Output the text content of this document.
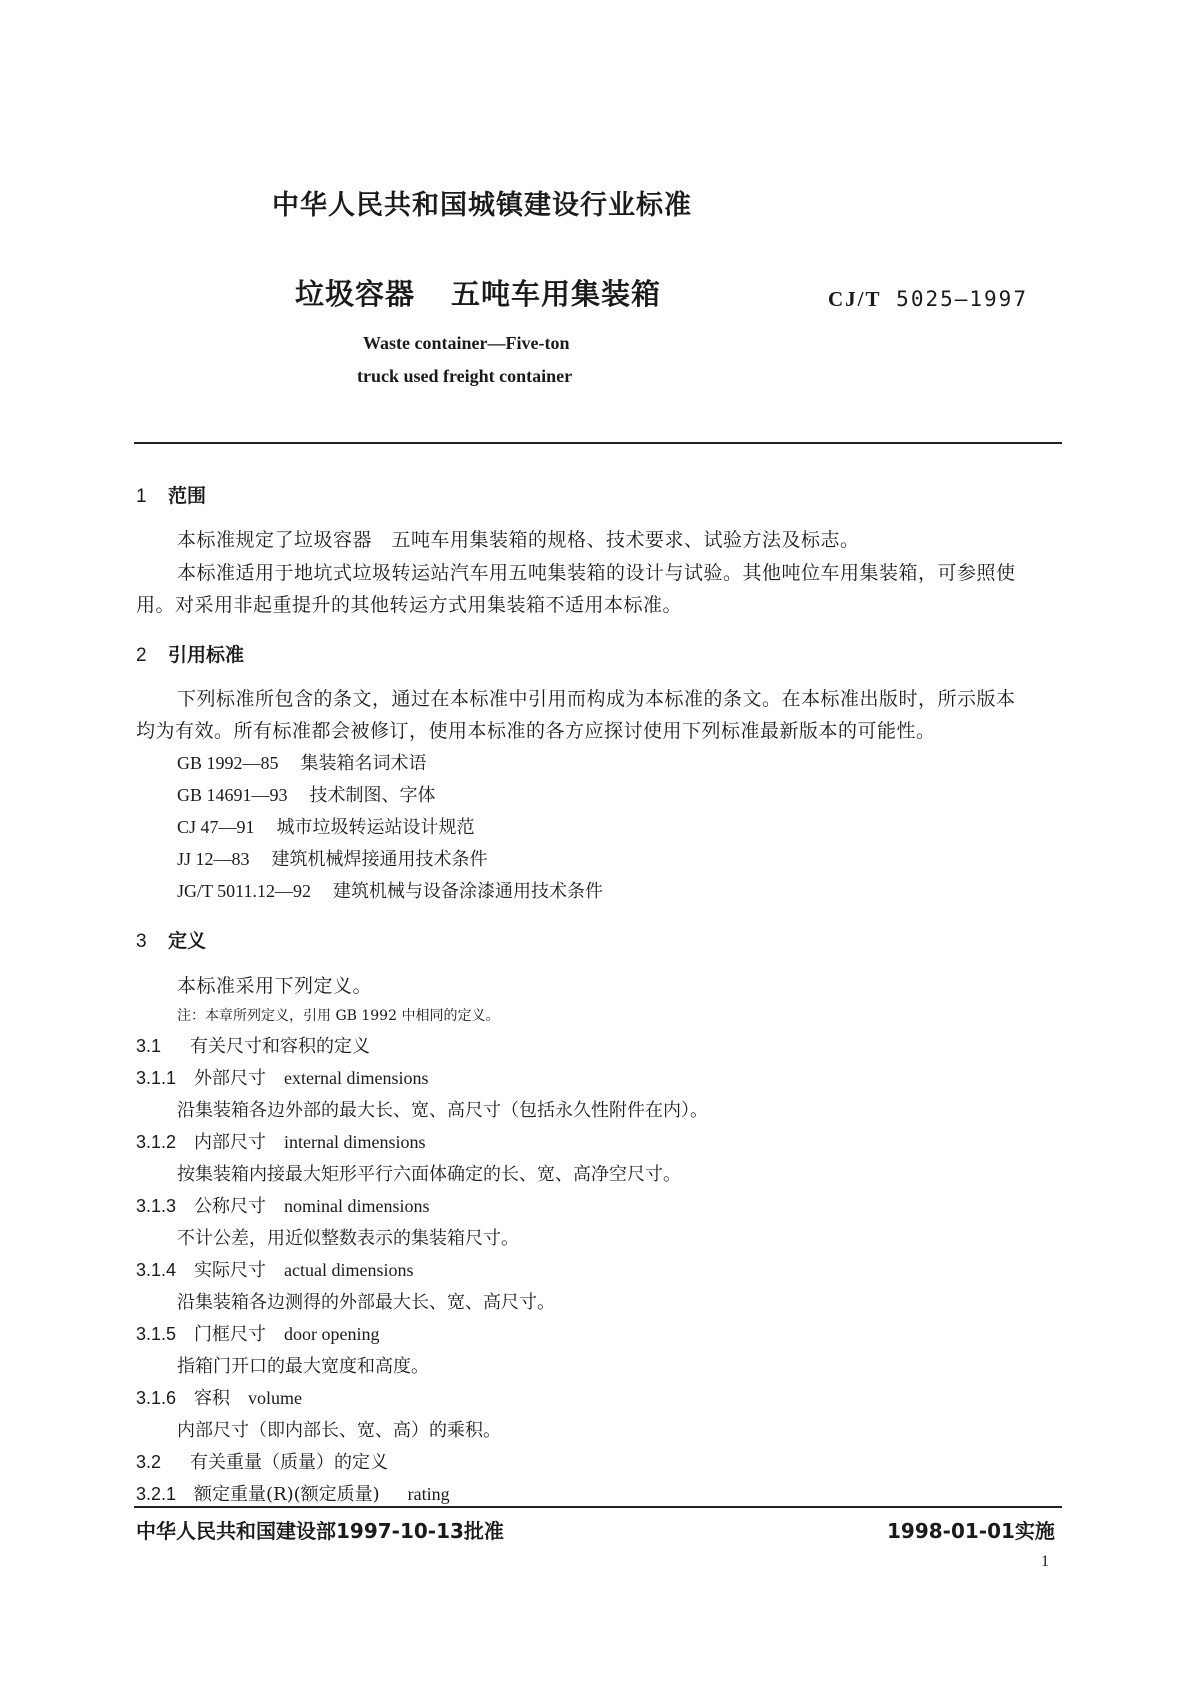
中华人民共和国城镇建设行业标准
垃圾容器 五吨车用集装箱	CJ/T 5025—1997
Waste container—Five-ton
truck used freight container
1 范围
本标准规定了垃圾容器　五吨车用集装箱的规格、技术要求、试验方法及标志。
本标准适用于地坑式垃圾转运站汽车用五吨集装箱的设计与试验。其他吨位车用集装箱，可参照使
用。对采用非起重提升的其他转运方式用集装箱不适用本标准。
2 引用标准
下列标准所包含的条文，通过在本标准中引用而构成为本标准的条文。在本标准出版时，所示版本
均为有效。所有标准都会被修订，使用本标准的各方应探讨使用下列标准最新版本的可能性。
GB 1992—85 集装箱名词术语
GB 14691—93 技术制图、字体
CJ 47—91 城市垃圾转运站设计规范
JJ 12—83 建筑机械焊接通用技术条件
JG/T 5011.12—92 建筑机械与设备涂漆通用技术条件
3 定义
本标准采用下列定义。
注：本章所列定义，引用 GB 1992 中相同的定义。
3.1 有关尺寸和容积的定义
3.1.1 外部尺寸 external dimensions
沿集装箱各边外部的最大长、宽、高尺寸（包括永久性附件在内）。
3.1.2 内部尺寸 internal dimensions
按集装箱内接最大矩形平行六面体确定的长、宽、高净空尺寸。
3.1.3 公称尺寸 nominal dimensions
不计公差，用近似整数表示的集装箱尺寸。
3.1.4 实际尺寸 actual dimensions
沿集装箱各边测得的外部最大长、宽、高尺寸。
3.1.5 门框尺寸 door opening
指箱门开口的最大宽度和高度。
3.1.6 容积 volume
内部尺寸（即内部长、宽、高）的乘积。
3.2 有关重量（质量）的定义
3.2.1 额定重量(R)(额定质量) rating
中华人民共和国建设部1997-10-13批准	1998-01-01实施
1
